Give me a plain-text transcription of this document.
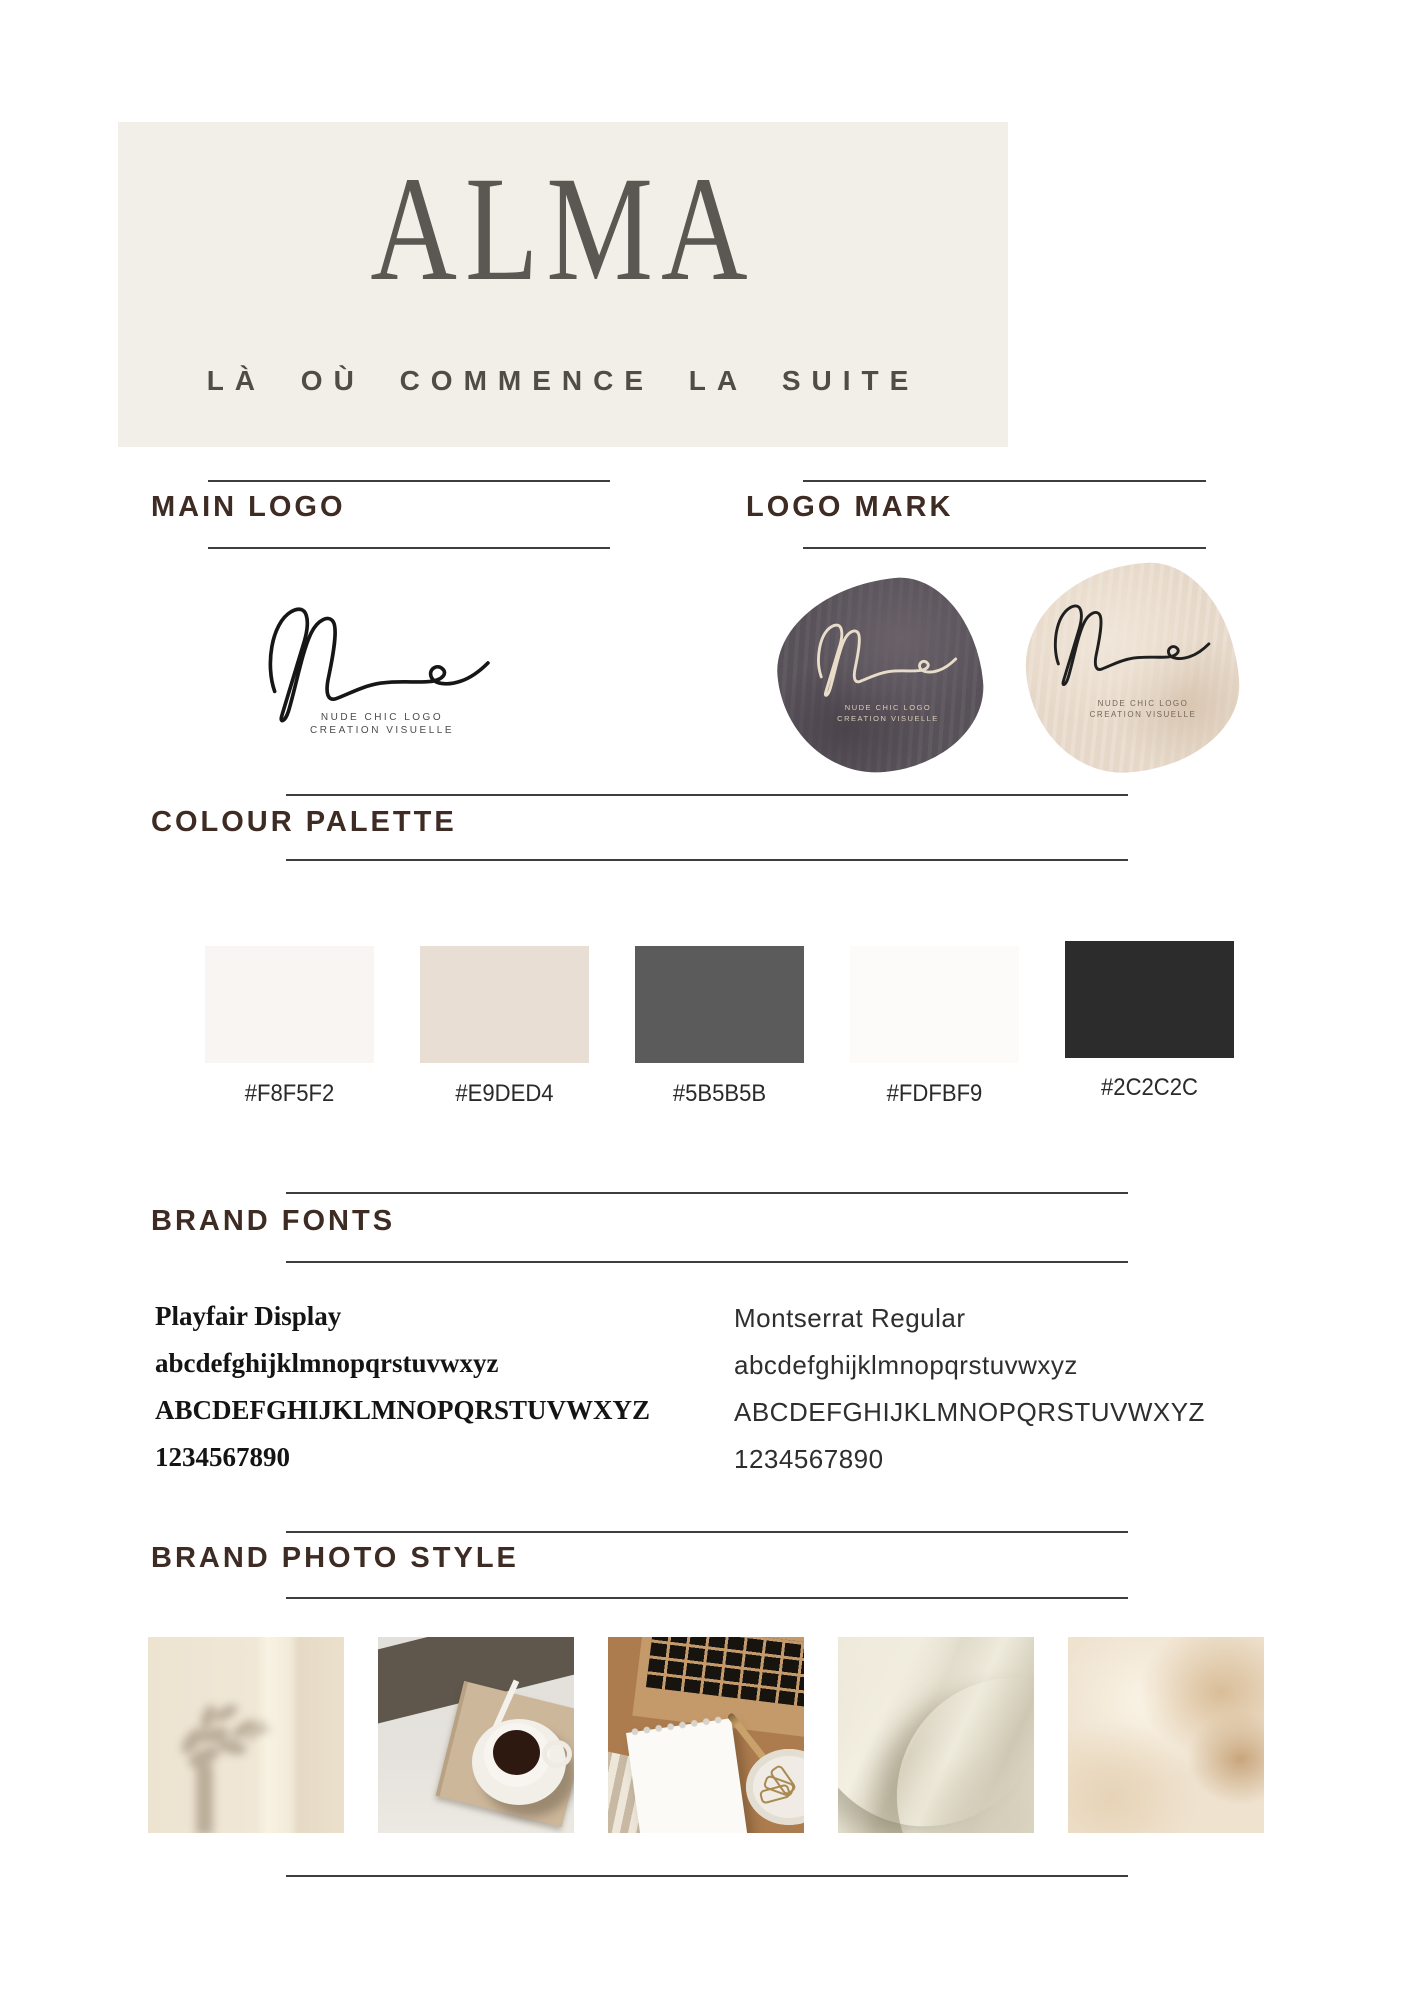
ALMA
LÀ OÙ COMMENCE LA SUITE
MAIN LOGO
NUDE CHIC LOGO
CREATION VISUELLE
LOGO MARK
NUDE CHIC LOGO
CREATION VISUELLE
NUDE CHIC LOGO
CREATION VISUELLE
COLOUR PALETTE
#F8F5F2	#E9DED4	#5B5B5B	#FDFBF9	#2C2C2C
BRAND FONTS
Playfair Display
abcdefghijklmnopqrstuvwxyz
ABCDEFGHIJKLMNOPQRSTUVWXYZ
1234567890
Montserrat Regular
abcdefghijklmnopqrstuvwxyz
ABCDEFGHIJKLMNOPQRSTUVWXYZ
1234567890
BRAND PHOTO STYLE
